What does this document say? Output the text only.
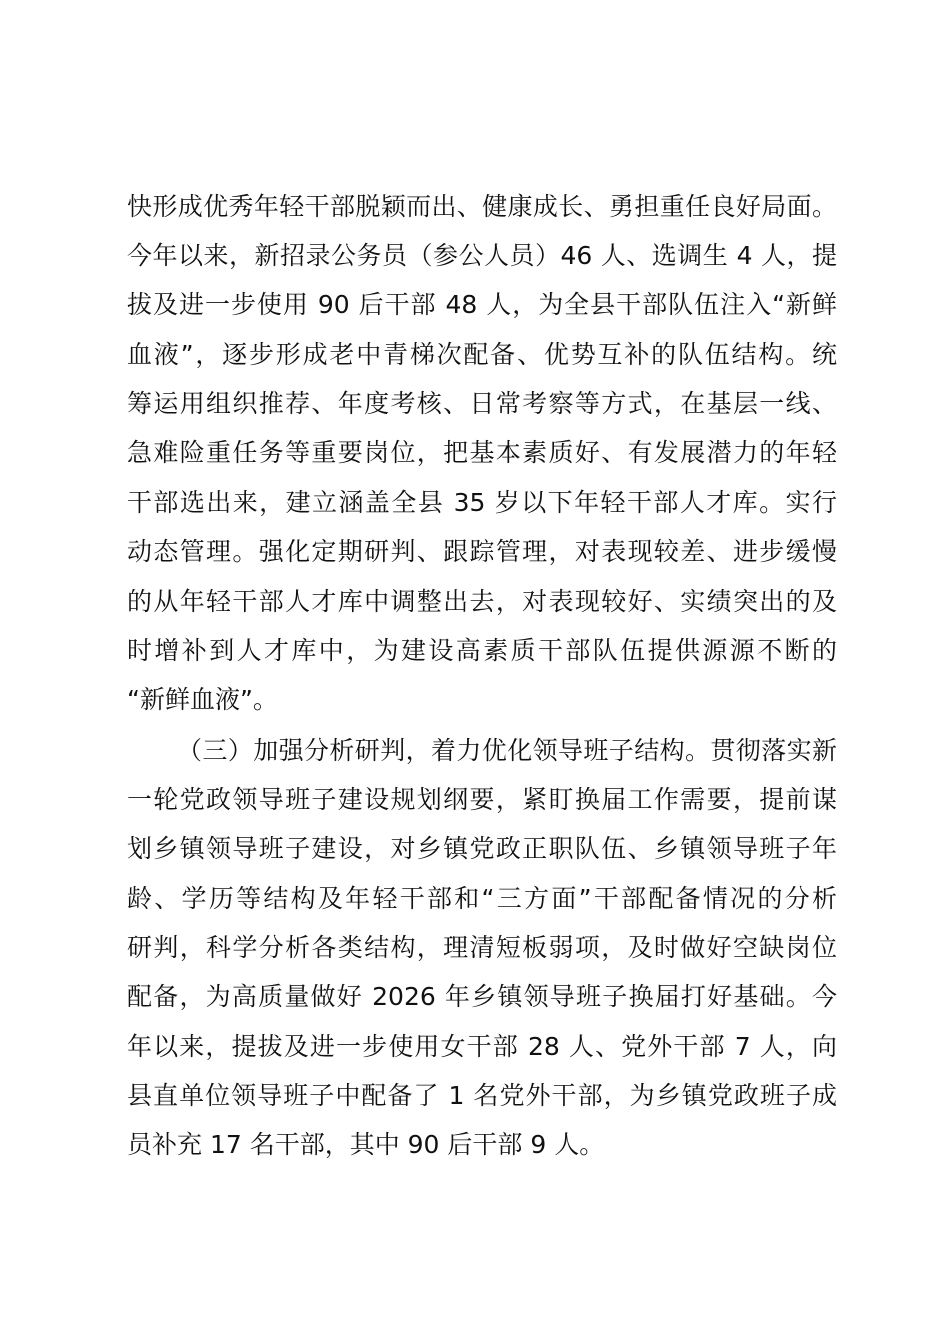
快形成优秀年轻干部脱颖而出、健康成长、勇担重任良好局面。
今年以来，新招录公务员（参公人员）46 人、选调生 4 人，提
拔及进一步使用 90 后干部 48 人，为全县干部队伍注入“新鲜
血液”，逐步形成老中青梯次配备、优势互补的队伍结构。统
筹运用组织推荐、年度考核、日常考察等方式，在基层一线、
急难险重任务等重要岗位，把基本素质好、有发展潜力的年轻
干部选出来，建立涵盖全县 35 岁以下年轻干部人才库。实行
动态管理。强化定期研判、跟踪管理，对表现较差、进步缓慢
的从年轻干部人才库中调整出去，对表现较好、实绩突出的及
时增补到人才库中，为建设高素质干部队伍提供源源不断的
“新鲜血液”。
（三）加强分析研判，着力优化领导班子结构。贯彻落实新
一轮党政领导班子建设规划纲要，紧盯换届工作需要，提前谋
划乡镇领导班子建设，对乡镇党政正职队伍、乡镇领导班子年
龄、学历等结构及年轻干部和“三方面”干部配备情况的分析
研判，科学分析各类结构，理清短板弱项，及时做好空缺岗位
配备，为高质量做好 2026 年乡镇领导班子换届打好基础。今
年以来，提拔及进一步使用女干部 28 人、党外干部 7 人，向
县直单位领导班子中配备了 1 名党外干部，为乡镇党政班子成
员补充 17 名干部，其中 90 后干部 9 人。
